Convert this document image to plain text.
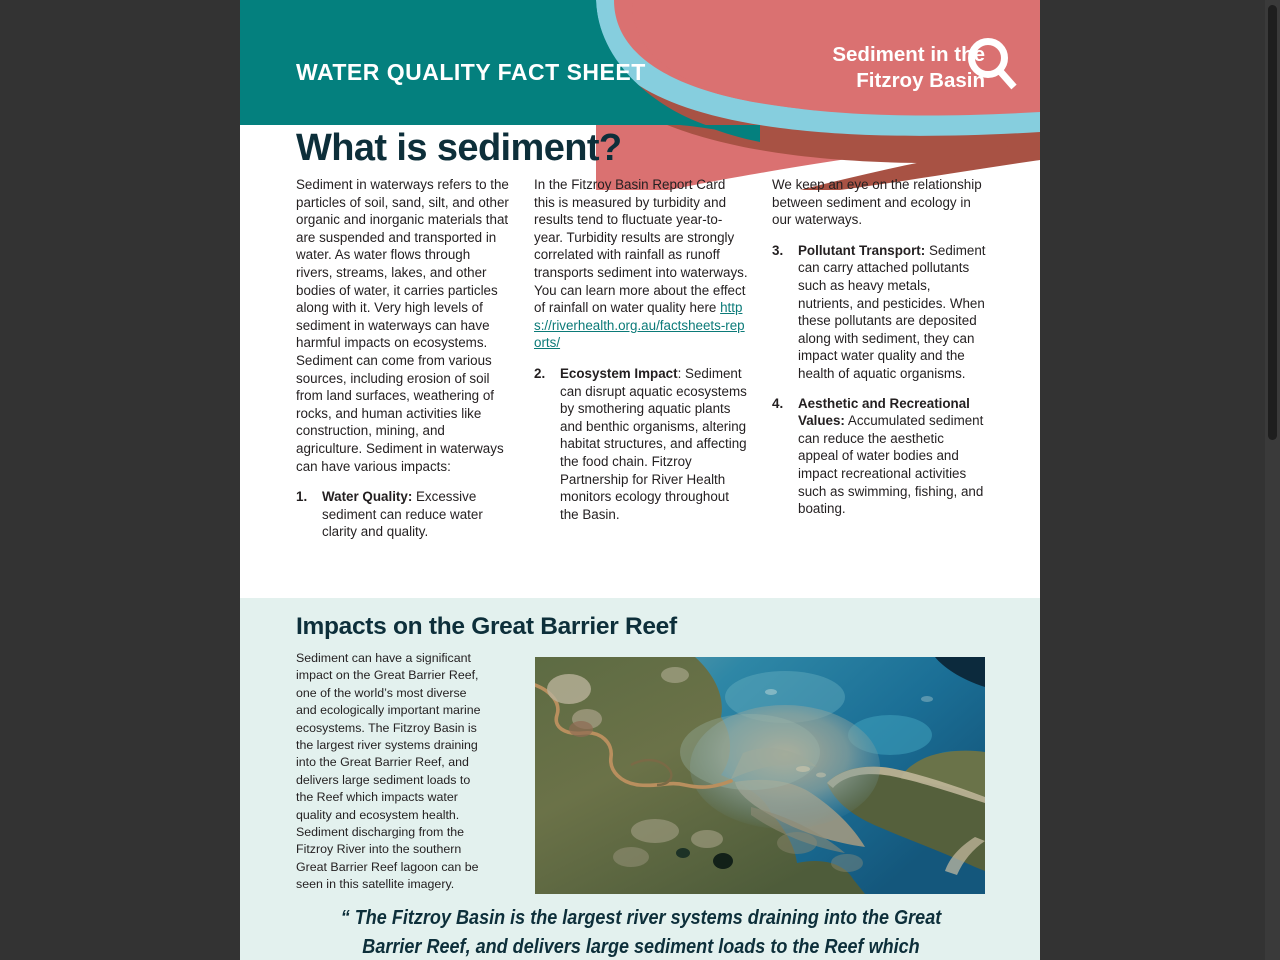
WATER QUALITY FACT SHEET
Sediment in the
Fitzroy Basin
What is sediment?

Sediment in waterways refers to the particles of soil, sand, silt, and other organic and inorganic materials that are suspended and transported in water. As water flows through rivers, streams, lakes, and other bodies of water, it carries particles along with it. Very high levels of sediment in waterways can have harmful impacts on ecosystems. Sediment can come from various sources, including erosion of soil from land surfaces, weathering of rocks, and human activities like construction, mining, and agriculture. Sediment in waterways can have various impacts:

1. Water Quality: Excessive sediment can reduce water clarity and quality.

In the Fitzroy Basin Report Card this is measured by turbidity and results tend to fluctuate year-to-year. Turbidity results are strongly correlated with rainfall as runoff transports sediment into waterways. You can learn more about the effect of rainfall on water quality here https://riverhealth.org.au/factsheets-reports/

2. Ecosystem Impact: Sediment can disrupt aquatic ecosystems by smothering aquatic plants and benthic organisms, altering habitat structures, and affecting the food chain. Fitzroy Partnership for River Health monitors ecology throughout the Basin.

We keep an eye on the relationship between sediment and ecology in our waterways.

3. Pollutant Transport: Sediment can carry attached pollutants such as heavy metals, nutrients, and pesticides. When these pollutants are deposited along with sediment, they can impact water quality and the health of aquatic organisms.
4. Aesthetic and Recreational Values: Accumulated sediment can reduce the aesthetic appeal of water bodies and impact recreational activities such as swimming, fishing, and boating.
Impacts on the Great Barrier Reef

Sediment can have a significant impact on the Great Barrier Reef, one of the world’s most diverse and ecologically important marine ecosystems. The Fitzroy Basin is the largest river systems draining into the Great Barrier Reef, and delivers large sediment loads to the Reef which impacts water quality and ecosystem health. Sediment discharging from the Fitzroy River into the southern Great Barrier Reef lagoon can be seen in this satellite imagery.

“ The Fitzroy Basin is the largest river systems draining into the Great Barrier Reef, and delivers large sediment loads to the Reef which
